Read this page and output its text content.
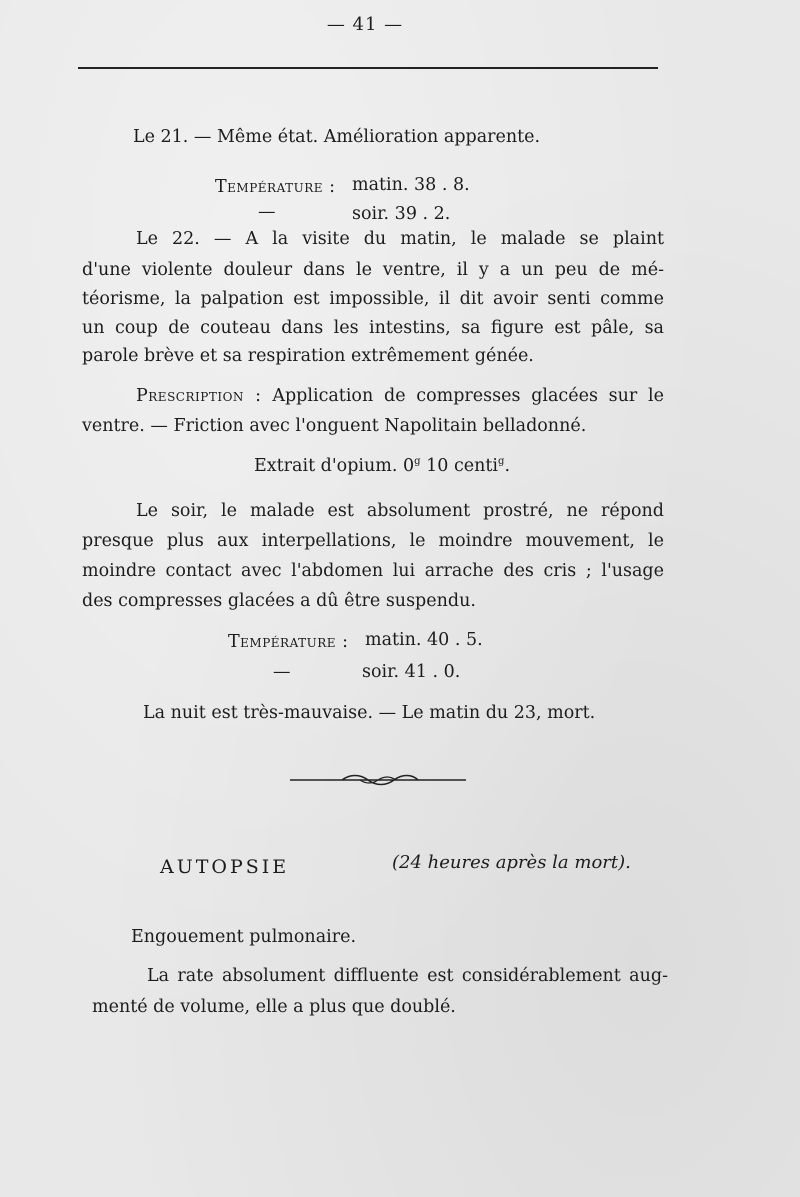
— 41 —
Le 21. — Même état. Amélioration apparente.
Température : matin. 38 . 8.
—	soir. 39 . 2.
Le 22. — A la visite du matin, le malade se plaint
d'une violente douleur dans le ventre, il y a un peu de mé-
téorisme, la palpation est impossible, il dit avoir senti comme
un coup de couteau dans les intestins, sa figure est pâle, sa
parole brève et sa respiration extrêmement génée.
Prescription : Application de compresses glacées sur le
ventre. — Friction avec l'onguent Napolitain belladonné.
Extrait d'opium. 0$^g$ 10 centi$^g$.
Le soir, le malade est absolument prostré, ne répond
presque plus aux interpellations, le moindre mouvement, le
moindre contact avec l'abdomen lui arrache des cris ; l'usage
des compresses glacées a dû être suspendu.
Température : matin. 40 . 5.
—	soir. 41 . 0.
La nuit est très-mauvaise. — Le matin du 23, mort.
AUTOPSIE	(24 heures après la mort).
Engouement pulmonaire.
La rate absolument diffluente est considérablement aug-
menté de volume, elle a plus que doublé.
